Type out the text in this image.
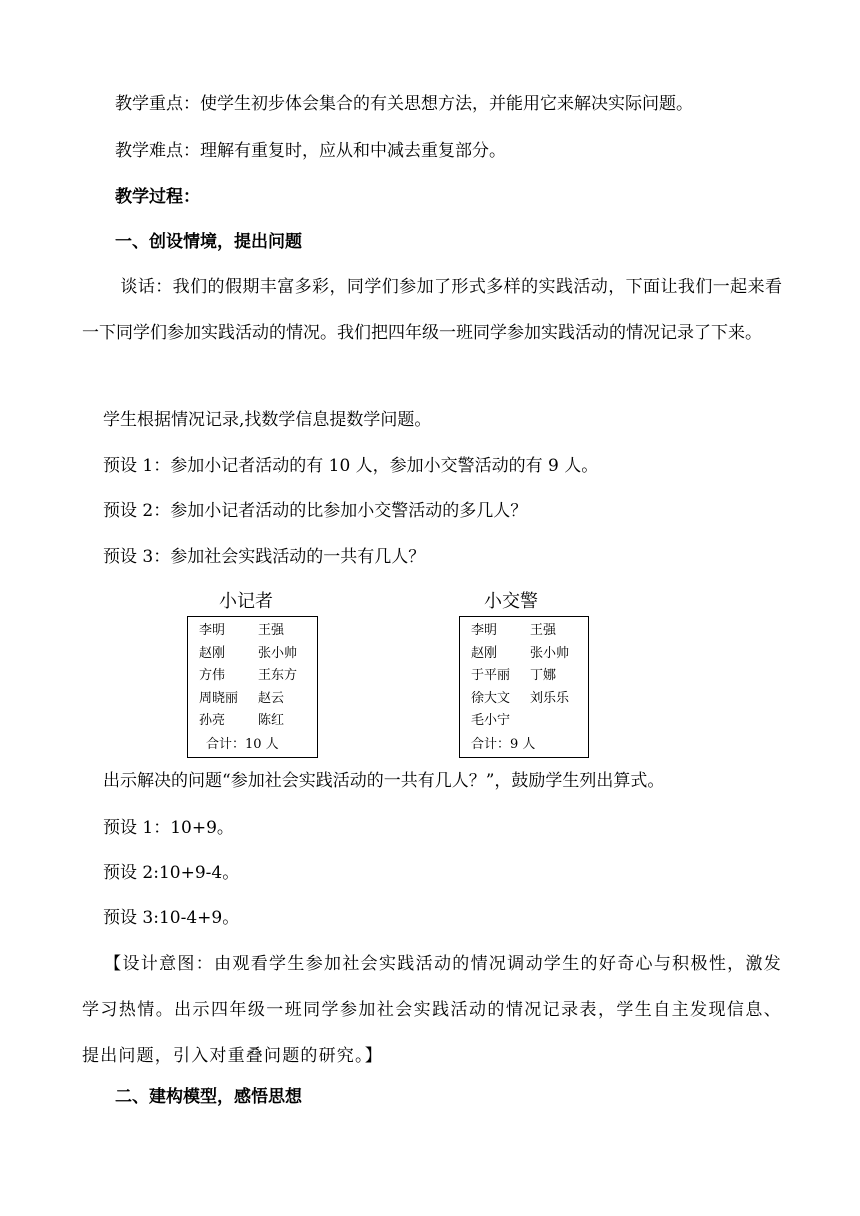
教学重点：使学生初步体会集合的有关思想方法，并能用它来解决实际问题。
教学难点：理解有重复时，应从和中减去重复部分。
教学过程：
一、创设情境，提出问题
谈话：我们的假期丰富多彩，同学们参加了形式多样的实践活动，下面让我们一起来看一下同学们参加实践活动的情况。我们把四年级一班同学参加实践活动的情况记录了下来。
学生根据情况记录,找数学信息提数学问题。
预设 1：参加小记者活动的有 10 人，参加小交警活动的有 9 人。
预设 2：参加小记者活动的比参加小交警活动的多几人？
预设 3：参加社会实践活动的一共有几人？
小记者
李明	王强
赵刚	张小帅
方伟	王东方
周晓丽 赵云
孙亮	陈红
合计：10 人
小交警
李明	王强
赵刚	张小帅
于平丽 丁娜
徐大文 刘乐乐
毛小宁
合计：9 人
出示解决的问题“参加社会实践活动的一共有几人？”，鼓励学生列出算式。
预设 1：10+9。
预设 2:10+9-4。
预设 3:10-4+9。
【设计意图：由观看学生参加社会实践活动的情况调动学生的好奇心与积极性，激发学习热情。出示四年级一班同学参加社会实践活动的情况记录表，学生自主发现信息、提出问题，引入对重叠问题的研究。】
二、建构模型，感悟思想
